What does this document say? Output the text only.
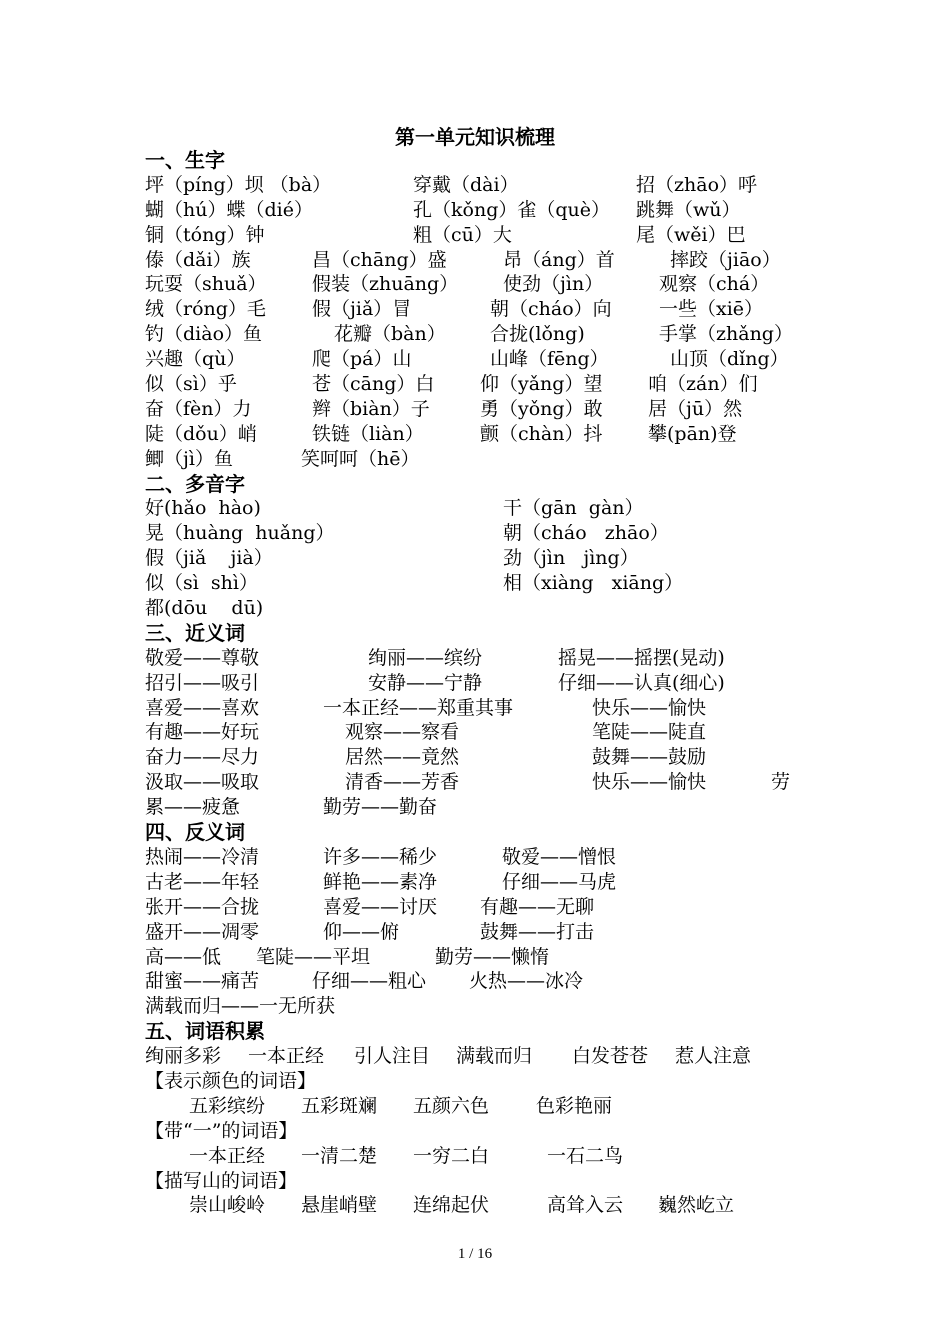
第一单元知识梳理
一、生字
坪（píng）坝 （bà）	穿戴（dài）	招（zhāo）呼
蝴（hú）蝶（dié）	孔（kǒng）雀（què） 跳舞（wǔ）
铜（tóng）钟	粗（cū）大	尾（wěi）巴
傣（dǎi）族	昌（chāng）盛	昂（áng）首	摔跤（jiāo）
玩耍（shuǎ） 假装（zhuāng） 使劲（jìn）	观察（chá）
绒（róng）毛 假（jiǎ）冒	朝（cháo）向 一些（xiē）
钓（diào）鱼	花瓣（bàn） 合拢(lǒng)	手掌（zhǎng）
兴趣（qù）	爬（pá）山	山峰（fēng）	山顶（dǐng）
似（sì）乎	苍（cāng）白 仰（yǎng）望 咱（zán）们
奋（fèn）力	辫（biàn）子	勇（yǒng）敢 居（jū）然
陡（dǒu）峭	铁链（liàn）	颤（chàn）抖 攀(pān)登
鲫（jì）鱼	笑呵呵（hē）
二、多音字
好(hǎo  hào)	干（gān  gàn）
晃（huàng  huǎng）	朝（cháo   zhāo）
假（jiǎ    jià）	劲（jìn   jìng）
似（sì  shì）	相（xiàng   xiāng）
都(dōu    dū)
三、近义词
敬爱——尊敬	绚丽——缤纷	摇晃——摇摆(晃动)
招引——吸引	安静——宁静	仔细——认真(细心)
喜爱——喜欢	一本正经——郑重其事	快乐——愉快
有趣——好玩	观察——察看	笔陡——陡直
奋力——尽力	居然——竟然	鼓舞——鼓励
汲取——吸取	清香——芳香	快乐——愉快	劳
累——疲惫	勤劳——勤奋
四、反义词
热闹——冷清	许多——稀少	敬爱——憎恨
古老——年轻	鲜艳——素净	仔细——马虎
张开——合拢	喜爱——讨厌 有趣——无聊
盛开——凋零	仰——俯	鼓舞——打击
高——低 笔陡——平坦	勤劳——懒惰
甜蜜——痛苦	仔细——粗心 火热——冰冷
满载而归——一无所获
五、词语积累
绚丽多彩 一本正经 引人注目 满载而归 白发苍苍 惹人注意
【表示颜色的词语】
五彩缤纷 五彩斑斓 五颜六色 色彩艳丽
【带“一”的词语】
一本正经 一清二楚 一穷二白	一石二鸟
【描写山的词语】
崇山峻岭 悬崖峭壁 连绵起伏	高耸入云 巍然屹立
1 / 16
